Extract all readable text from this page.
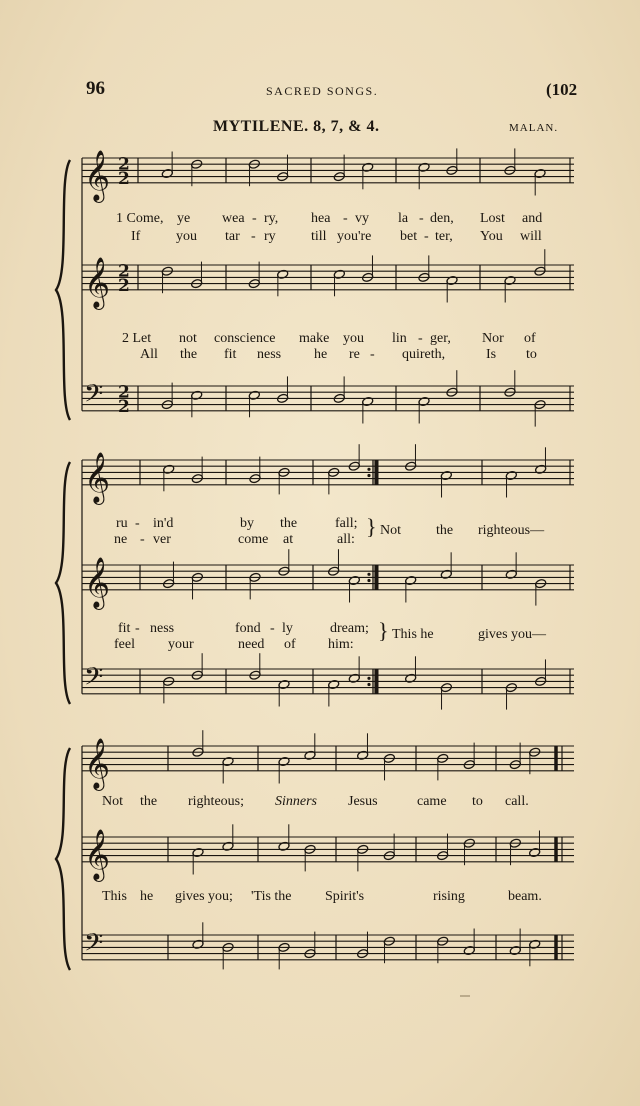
96	SACRED SONGS.	(102
MYTILENE. 8, 7, & 4.	MALAN.
𝄞 2
2
𝄞 2
2
𝄢 2
2
𝄞
𝄞
𝄢
𝄞
𝄞
𝄢
1 Come, ye wea - ry, hea - vy la - den, Lost and
If	you tar - ry	till you're bet - ter, You will
2 Let not conscience make you lin - ger, Nor of
All the fit ness he re - quireth,	Is to
ru - in'd	by the	fall; Not	the righteous—
ne - ver	come at	all:
fit - ness	fond - ly	dream; This he	gives you—
feel your	need of him:
}
}
Not the righteous; Sinners Jesus	came to call.
This he gives you; 'Tis the Spirit's	rising	beam.
